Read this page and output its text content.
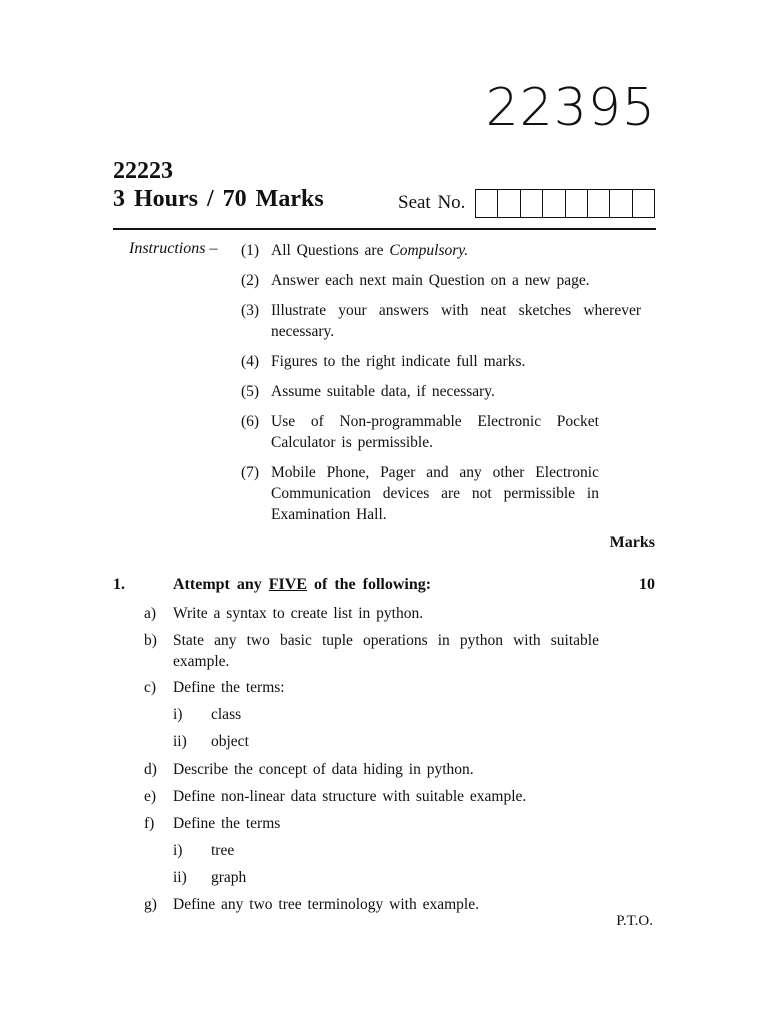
22395
22223
3 Hours / 70 Marks	Seat No.
Instructions – (1) All Questions are Compulsory.
(2) Answer each next main Question on a new page.
(3) Illustrate your answers with neat sketches wherever necessary.
(4) Figures to the right indicate full marks.
(5) Assume suitable data, if necessary.
(6) Use of Non-programmable Electronic Pocket Calculator is permissible.
(7) Mobile Phone, Pager and any other Electronic Communication devices are not permissible in Examination Hall.
Marks
1.	Attempt any FIVE of the following:	10
a) Write a syntax to create list in python.
b) State any two basic tuple operations in python with suitable example.
c) Define the terms:
i) class
ii) object
d) Describe the concept of data hiding in python.
e) Define non-linear data structure with suitable example.
f) Define the terms
i) tree
ii) graph
g) Define any two tree terminology with example.
P.T.O.
